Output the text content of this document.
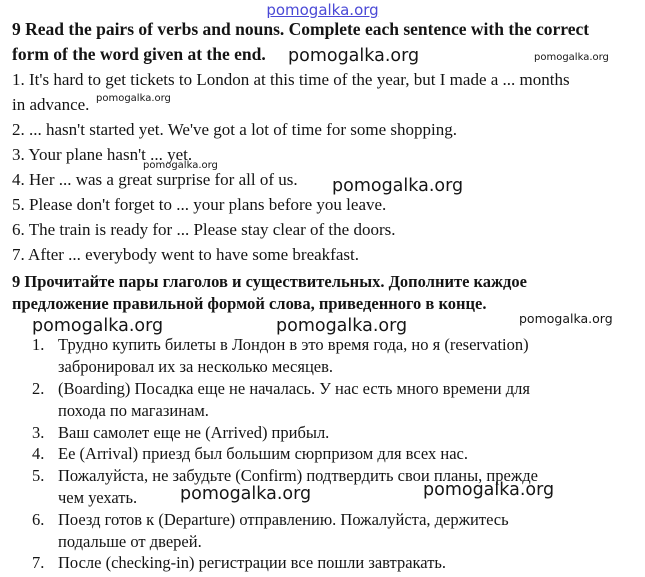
pomogalka.org
9 Read the pairs of verbs and nouns. Complete each sentence with the correct
form of the word given at the end.
1. It's hard to get tickets to London at this time of the year, but I made a ... months
in advance.
2. ... hasn't started yet. We've got a lot of time for some shopping.
3. Your plane hasn't ... yet.
4. Her ... was a great surprise for all of us.
5. Please don't forget to ... your plans before you leave.
6. The train is ready for ... Please stay clear of the doors.
7. After ... everybody went to have some breakfast.
9 Прочитайте пары глаголов и существительных. Дополните каждое
предложение правильной формой слова, приведенного в конце.
1. Трудно купить билеты в Лондон в это время года, но я (reservation)
забронировал их за несколько месяцев.
2. (Boarding) Посадка еще не началась. У нас есть много времени для
похода по магазинам.
3. Ваш самолет еще не (Arrived) прибыл.
4. Ее (Arrival) приезд был большим сюрпризом для всех нас.
5. Пожалуйста, не забудьте (Confirm) подтвердить свои планы, прежде
чем уехать.
6. Поезд готов к (Departure) отправлению. Пожалуйста, держитесь
подальше от дверей.
7. После (checking-in) регистрации все пошли завтракать.
pomogalka.org	pomogalka.org
pomogalka.org
pomogalka.org
pomogalka.org
pomogalka.org	pomogalka.org	pomogalka.org
pomogalka.org	pomogalka.org
